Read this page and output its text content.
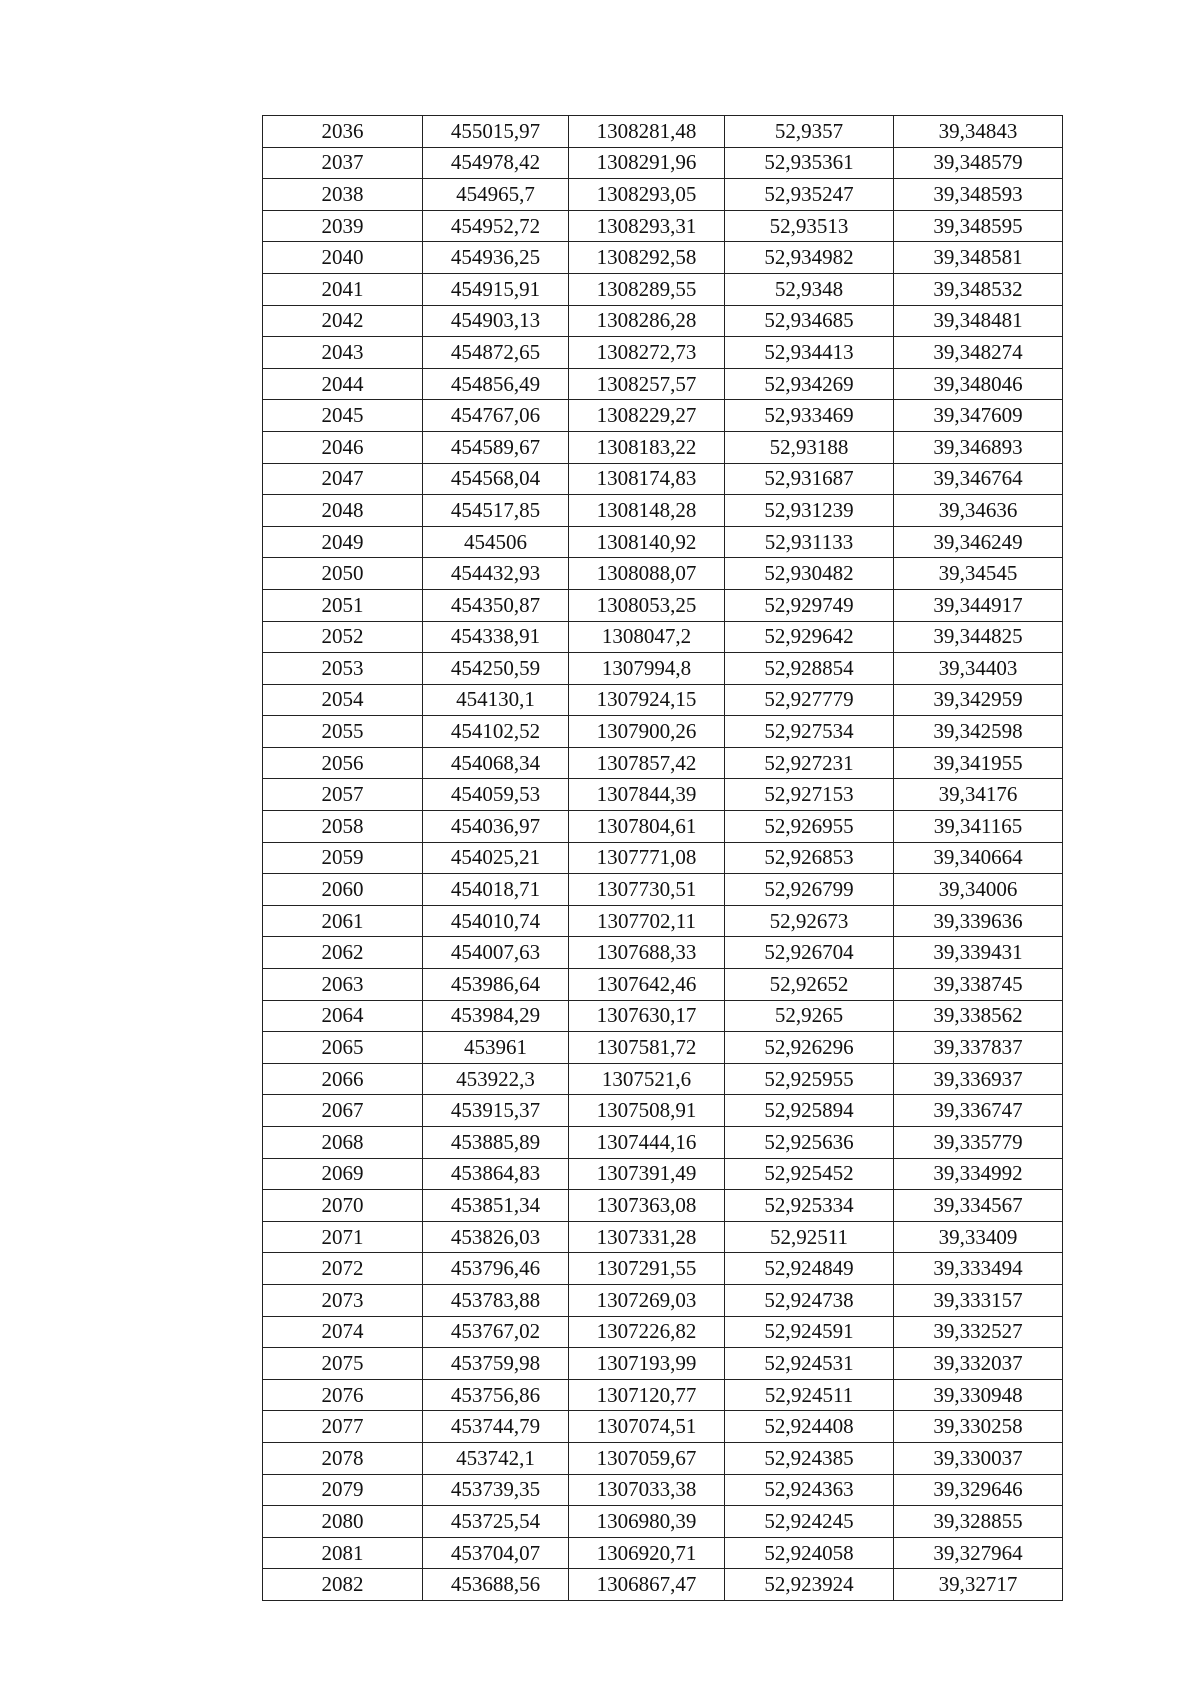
2036	455015,97	1308281,48	52,9357	39,34843
2037	454978,42	1308291,96	52,935361	39,348579
2038	454965,7	1308293,05	52,935247	39,348593
2039	454952,72	1308293,31	52,93513	39,348595
2040	454936,25	1308292,58	52,934982	39,348581
2041	454915,91	1308289,55	52,9348	39,348532
2042	454903,13	1308286,28	52,934685	39,348481
2043	454872,65	1308272,73	52,934413	39,348274
2044	454856,49	1308257,57	52,934269	39,348046
2045	454767,06	1308229,27	52,933469	39,347609
2046	454589,67	1308183,22	52,93188	39,346893
2047	454568,04	1308174,83	52,931687	39,346764
2048	454517,85	1308148,28	52,931239	39,34636
2049	454506	1308140,92	52,931133	39,346249
2050	454432,93	1308088,07	52,930482	39,34545
2051	454350,87	1308053,25	52,929749	39,344917
2052	454338,91	1308047,2	52,929642	39,344825
2053	454250,59	1307994,8	52,928854	39,34403
2054	454130,1	1307924,15	52,927779	39,342959
2055	454102,52	1307900,26	52,927534	39,342598
2056	454068,34	1307857,42	52,927231	39,341955
2057	454059,53	1307844,39	52,927153	39,34176
2058	454036,97	1307804,61	52,926955	39,341165
2059	454025,21	1307771,08	52,926853	39,340664
2060	454018,71	1307730,51	52,926799	39,34006
2061	454010,74	1307702,11	52,92673	39,339636
2062	454007,63	1307688,33	52,926704	39,339431
2063	453986,64	1307642,46	52,92652	39,338745
2064	453984,29	1307630,17	52,9265	39,338562
2065	453961	1307581,72	52,926296	39,337837
2066	453922,3	1307521,6	52,925955	39,336937
2067	453915,37	1307508,91	52,925894	39,336747
2068	453885,89	1307444,16	52,925636	39,335779
2069	453864,83	1307391,49	52,925452	39,334992
2070	453851,34	1307363,08	52,925334	39,334567
2071	453826,03	1307331,28	52,92511	39,33409
2072	453796,46	1307291,55	52,924849	39,333494
2073	453783,88	1307269,03	52,924738	39,333157
2074	453767,02	1307226,82	52,924591	39,332527
2075	453759,98	1307193,99	52,924531	39,332037
2076	453756,86	1307120,77	52,924511	39,330948
2077	453744,79	1307074,51	52,924408	39,330258
2078	453742,1	1307059,67	52,924385	39,330037
2079	453739,35	1307033,38	52,924363	39,329646
2080	453725,54	1306980,39	52,924245	39,328855
2081	453704,07	1306920,71	52,924058	39,327964
2082	453688,56	1306867,47	52,923924	39,32717
